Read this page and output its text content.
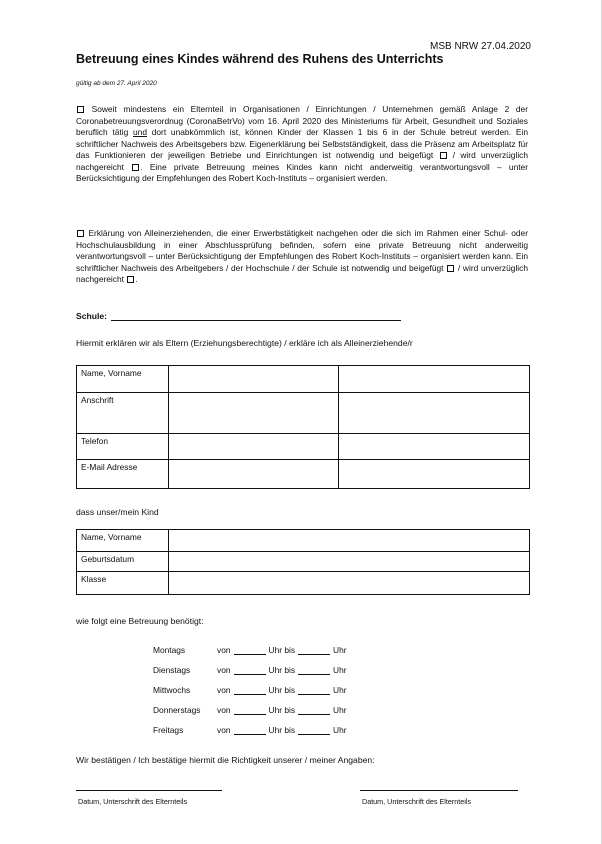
MSB NRW 27.04.2020
Betreuung eines Kindes während des Ruhens des Unterrichts
gültig ab dem 27. April 2020
Soweit mindestens ein Elternteil in Organisationen / Einrichtungen / Unternehmen gemäß Anlage 2 der Coronabetreuungsverordnug (CoronaBetrVo) vom 16. April 2020 des Ministeriums für Arbeit, Gesundheit und Soziales beruflich tätig und dort unabkömmlich ist, können Kinder der Klassen 1 bis 6 in der Schule betreut werden. Ein schriftlicher Nachweis des Arbeitsgebers bzw. Eigenerklärung bei Selbstständigkeit, dass die Präsenz am Arbeitsplatz für das Funktionieren der jeweiligen Betriebe und Einrichtungen ist notwendig und beigefügt / wird unverzüglich nachgereicht . Eine private Betreuung meines Kindes kann nicht anderweitig verantwortungsvoll – unter Berücksichtigung der Empfehlungen des Robert Koch-Instituts – organisiert werden.
Erklärung von Alleinerziehenden, die einer Erwerbstätigkeit nachgehen oder die sich im Rahmen einer Schul- oder Hochschulausbildung in einer Abschlussprüfung befinden, sofern eine private Betreuung nicht anderweitig verantwortungsvoll – unter Berücksichtigung der Empfehlungen des Robert Koch-Instituts – organisiert werden kann. Ein schriftlicher Nachweis des Arbeitgebers / der Hochschule / der Schule ist notwendig und beigefügt / wird unverzüglich nachgereicht .
Schule:
Hiermit erklären wir als Eltern (Erziehungsberechtigte) / erkläre ich als Alleinerziehende/r
Name, Vorname		
Anschrift		
Telefon		
E-Mail Adresse		
dass unser/mein Kind
Name, Vorname	
Geburtsdatum	
Klasse	
wie folgt eine Betreuung benötigt:
Montags	von	Uhr bis	Uhr
Dienstags	von	Uhr bis	Uhr
Mittwochs	von	Uhr bis	Uhr
Donnerstags	von	Uhr bis	Uhr
Freitags	von	Uhr bis	Uhr
Wir bestätigen / Ich bestätige hiermit die Richtigkeit unserer / meiner Angaben:
Datum, Unterschrift des Elternteils	Datum, Unterschrift des Elternteils
